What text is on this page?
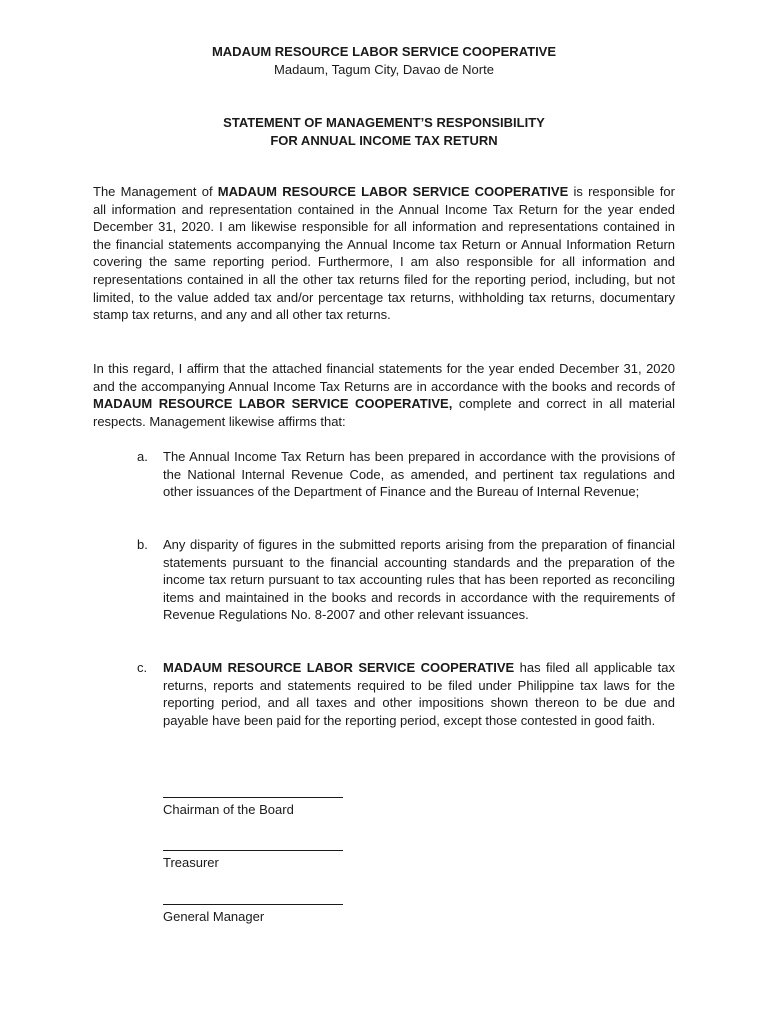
MADAUM RESOURCE LABOR SERVICE COOPERATIVE
Madaum, Tagum City, Davao de Norte
STATEMENT OF MANAGEMENT’S RESPONSIBILITY
FOR ANNUAL INCOME TAX RETURN
The Management of MADAUM RESOURCE LABOR SERVICE COOPERATIVE is responsible for all information and representation contained in the Annual Income Tax Return for the year ended December 31, 2020. I am likewise responsible for all information and representations contained in the financial statements accompanying the Annual Income tax Return or Annual Information Return covering the same reporting period. Furthermore, I am also responsible for all information and representations contained in all the other tax returns filed for the reporting period, including, but not limited, to the value added tax and/or percentage tax returns, withholding tax returns, documentary stamp tax returns, and any and all other tax returns.
In this regard, I affirm that the attached financial statements for the year ended December 31, 2020 and the accompanying Annual Income Tax Returns are in accordance with the books and records of MADAUM RESOURCE LABOR SERVICE COOPERATIVE, complete and correct in all material respects. Management likewise affirms that:
a.	The Annual Income Tax Return has been prepared in accordance with the provisions of the National Internal Revenue Code, as amended, and pertinent tax regulations and other issuances of the Department of Finance and the Bureau of Internal Revenue;
b.	Any disparity of figures in the submitted reports arising from the preparation of financial statements pursuant to the financial accounting standards and the preparation of the income tax return pursuant to tax accounting rules that has been reported as reconciling items and maintained in the books and records in accordance with the requirements of Revenue Regulations No. 8-2007 and other relevant issuances.
c.	MADAUM RESOURCE LABOR SERVICE COOPERATIVE has filed all applicable tax returns, reports and statements required to be filed under Philippine tax laws for the reporting period, and all taxes and other impositions shown thereon to be due and payable have been paid for the reporting period, except those contested in good faith.
Chairman of the Board
Treasurer
General Manager
